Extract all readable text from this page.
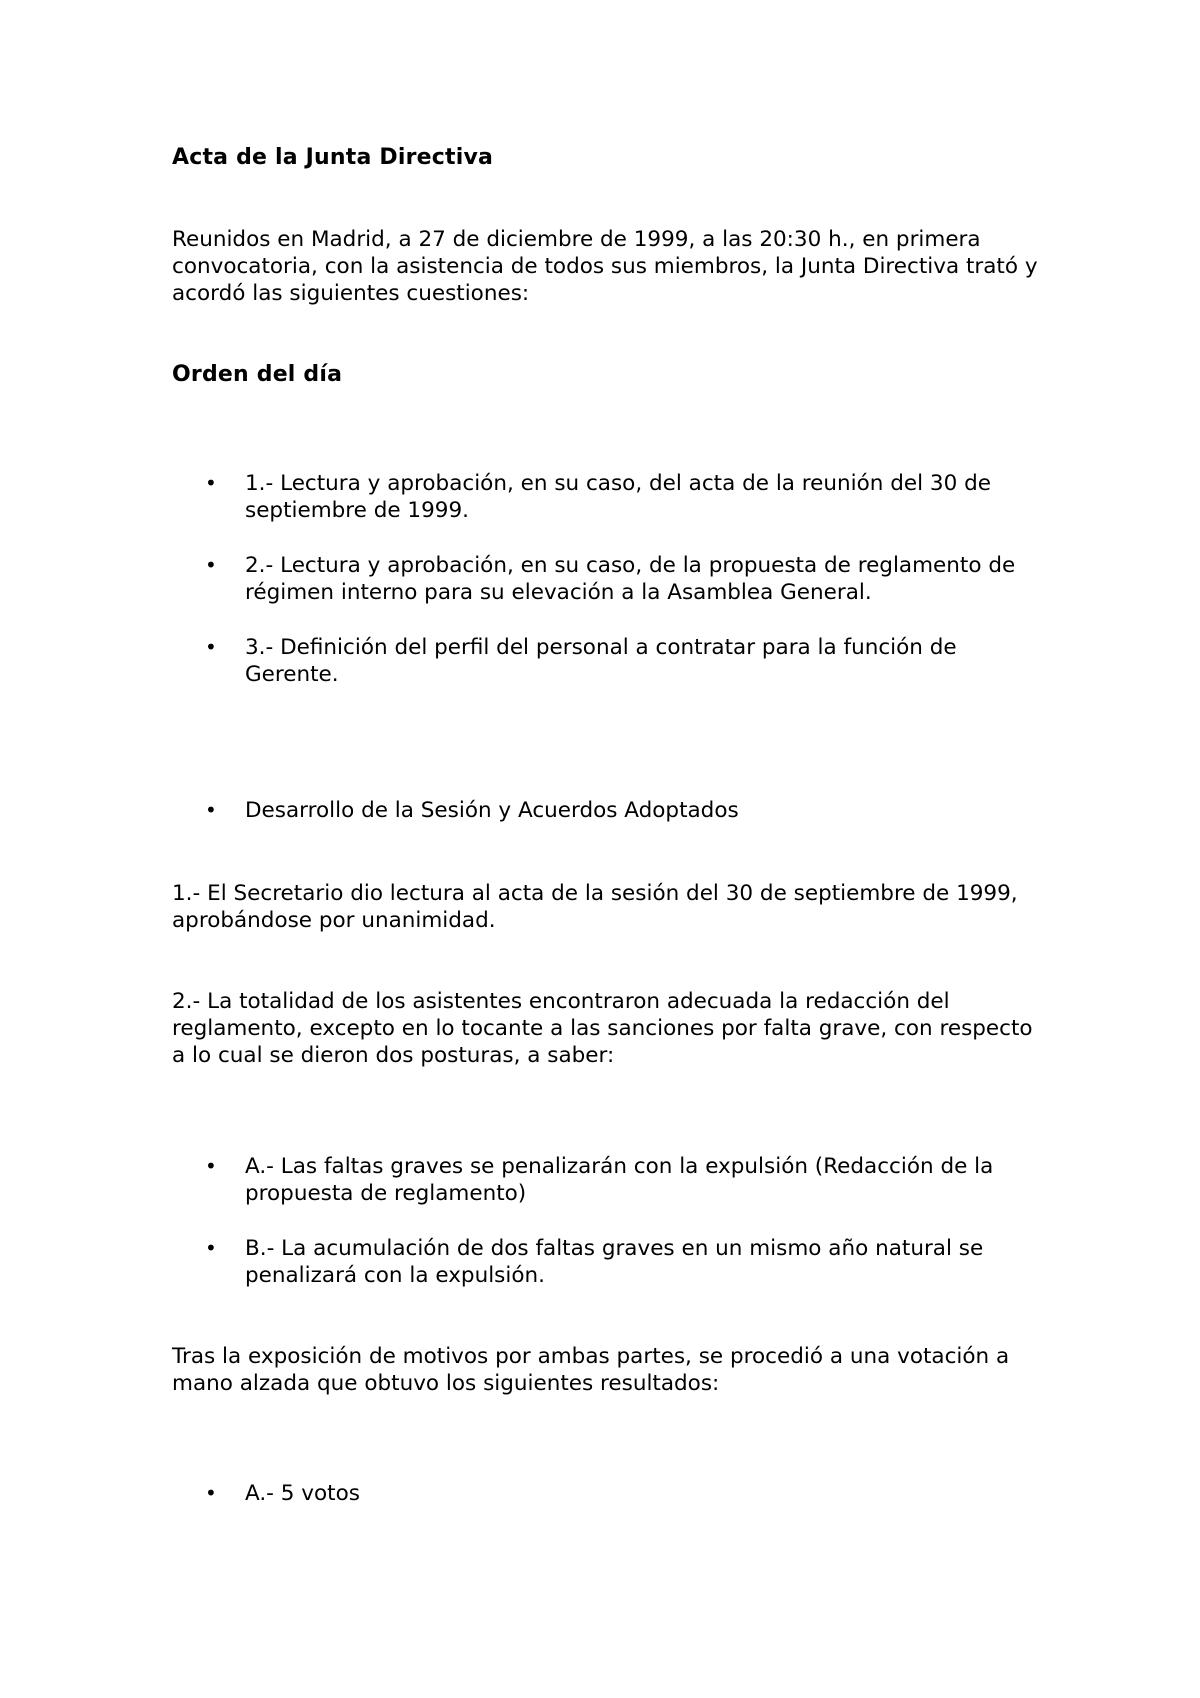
Acta de la Junta Directiva

Reunidos en Madrid, a 27 de diciembre de 1999, a las 20:30 h., en primera convocatoria, con la asistencia de todos sus miembros, la Junta Directiva trató y acordó las siguientes cuestiones:

Orden del día

• 1.- Lectura y aprobación, en su caso, del acta de la reunión del 30 de septiembre de 1999.
• 2.- Lectura y aprobación, en su caso, de la propuesta de reglamento de régimen interno para su elevación a la Asamblea General.
• 3.- Definición del perfil del personal a contratar para la función de Gerente.
• Desarrollo de la Sesión y Acuerdos Adoptados

1.- El Secretario dio lectura al acta de la sesión del 30 de septiembre de 1999, aprobándose por unanimidad.

2.- La totalidad de los asistentes encontraron adecuada la redacción del reglamento, excepto en lo tocante a las sanciones por falta grave, con respecto a lo cual se dieron dos posturas, a saber:

• A.- Las faltas graves se penalizarán con la expulsión (Redacción de la propuesta de reglamento)
• B.- La acumulación de dos faltas graves en un mismo año natural se penalizará con la expulsión.

Tras la exposición de motivos por ambas partes, se procedió a una votación a mano alzada que obtuvo los siguientes resultados:

• A.- 5 votos
